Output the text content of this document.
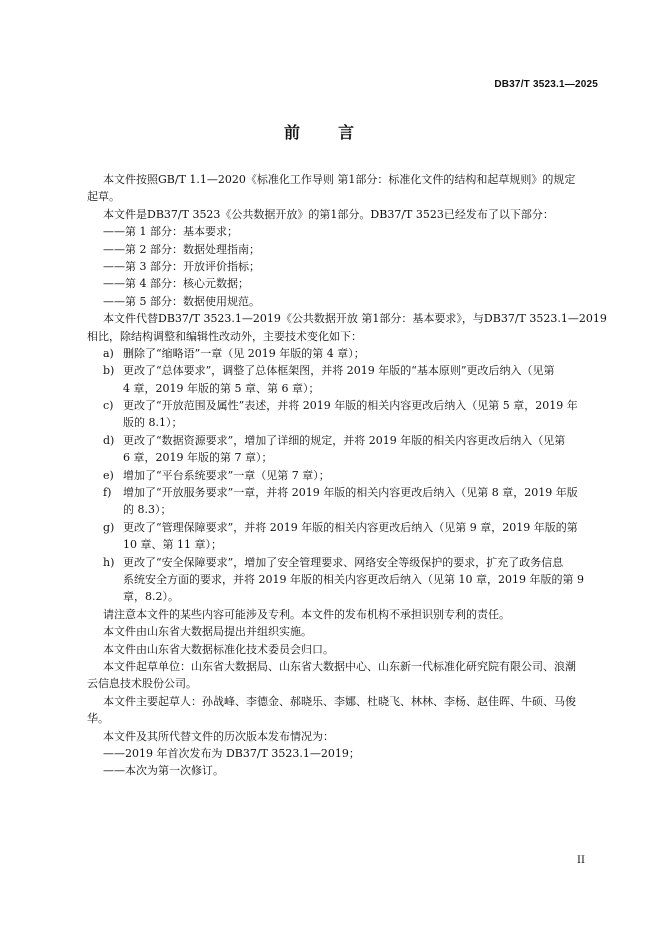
DB37/T 3523.1—2025
前言
本文件按照GB/T 1.1—2020《标准化工作导则 第1部分：标准化文件的结构和起草规则》的规定
起草。
本文件是DB37/T 3523《公共数据开放》的第1部分。DB37/T 3523已经发布了以下部分：
——第 1 部分：基本要求；
——第 2 部分：数据处理指南；
——第 3 部分：开放评价指标；
——第 4 部分：核心元数据；
——第 5 部分：数据使用规范。
本文件代替DB37/T 3523.1—2019《公共数据开放 第1部分：基本要求》，与DB37/T 3523.1—2019
相比，除结构调整和编辑性改动外，主要技术变化如下：
a) 删除了“缩略语”一章（见 2019 年版的第 4 章）；
b) 更改了“总体要求”，调整了总体框架图，并将 2019 年版的“基本原则”更改后纳入（见第
4 章，2019 年版的第 5 章、第 6 章）；
c) 更改了“开放范围及属性”表述，并将 2019 年版的相关内容更改后纳入（见第 5 章，2019 年
版的 8.1）；
d) 更改了“数据资源要求”，增加了详细的规定，并将 2019 年版的相关内容更改后纳入（见第
6 章，2019 年版的第 7 章）；
e) 增加了“平台系统要求”一章（见第 7 章）；
f) 增加了“开放服务要求”一章，并将 2019 年版的相关内容更改后纳入（见第 8 章，2019 年版
的 8.3）；
g) 更改了“管理保障要求”，并将 2019 年版的相关内容更改后纳入（见第 9 章，2019 年版的第
10 章、第 11 章）；
h) 更改了“安全保障要求”，增加了安全管理要求、网络安全等级保护的要求，扩充了政务信息
系统安全方面的要求，并将 2019 年版的相关内容更改后纳入（见第 10 章，2019 年版的第 9
章，8.2）。
请注意本文件的某些内容可能涉及专利。本文件的发布机构不承担识别专利的责任。
本文件由山东省大数据局提出并组织实施。
本文件由山东省大数据标准化技术委员会归口。
本文件起草单位：山东省大数据局、山东省大数据中心、山东新一代标准化研究院有限公司、浪潮
云信息技术股份公司。
本文件主要起草人：孙战峰、李德金、郝晓乐、李娜、杜晓飞、林林、李杨、赵佳晖、牛硕、马俊
华。
本文件及其所代替文件的历次版本发布情况为：
——2019 年首次发布为 DB37/T 3523.1—2019；
——本次为第一次修订。
II
